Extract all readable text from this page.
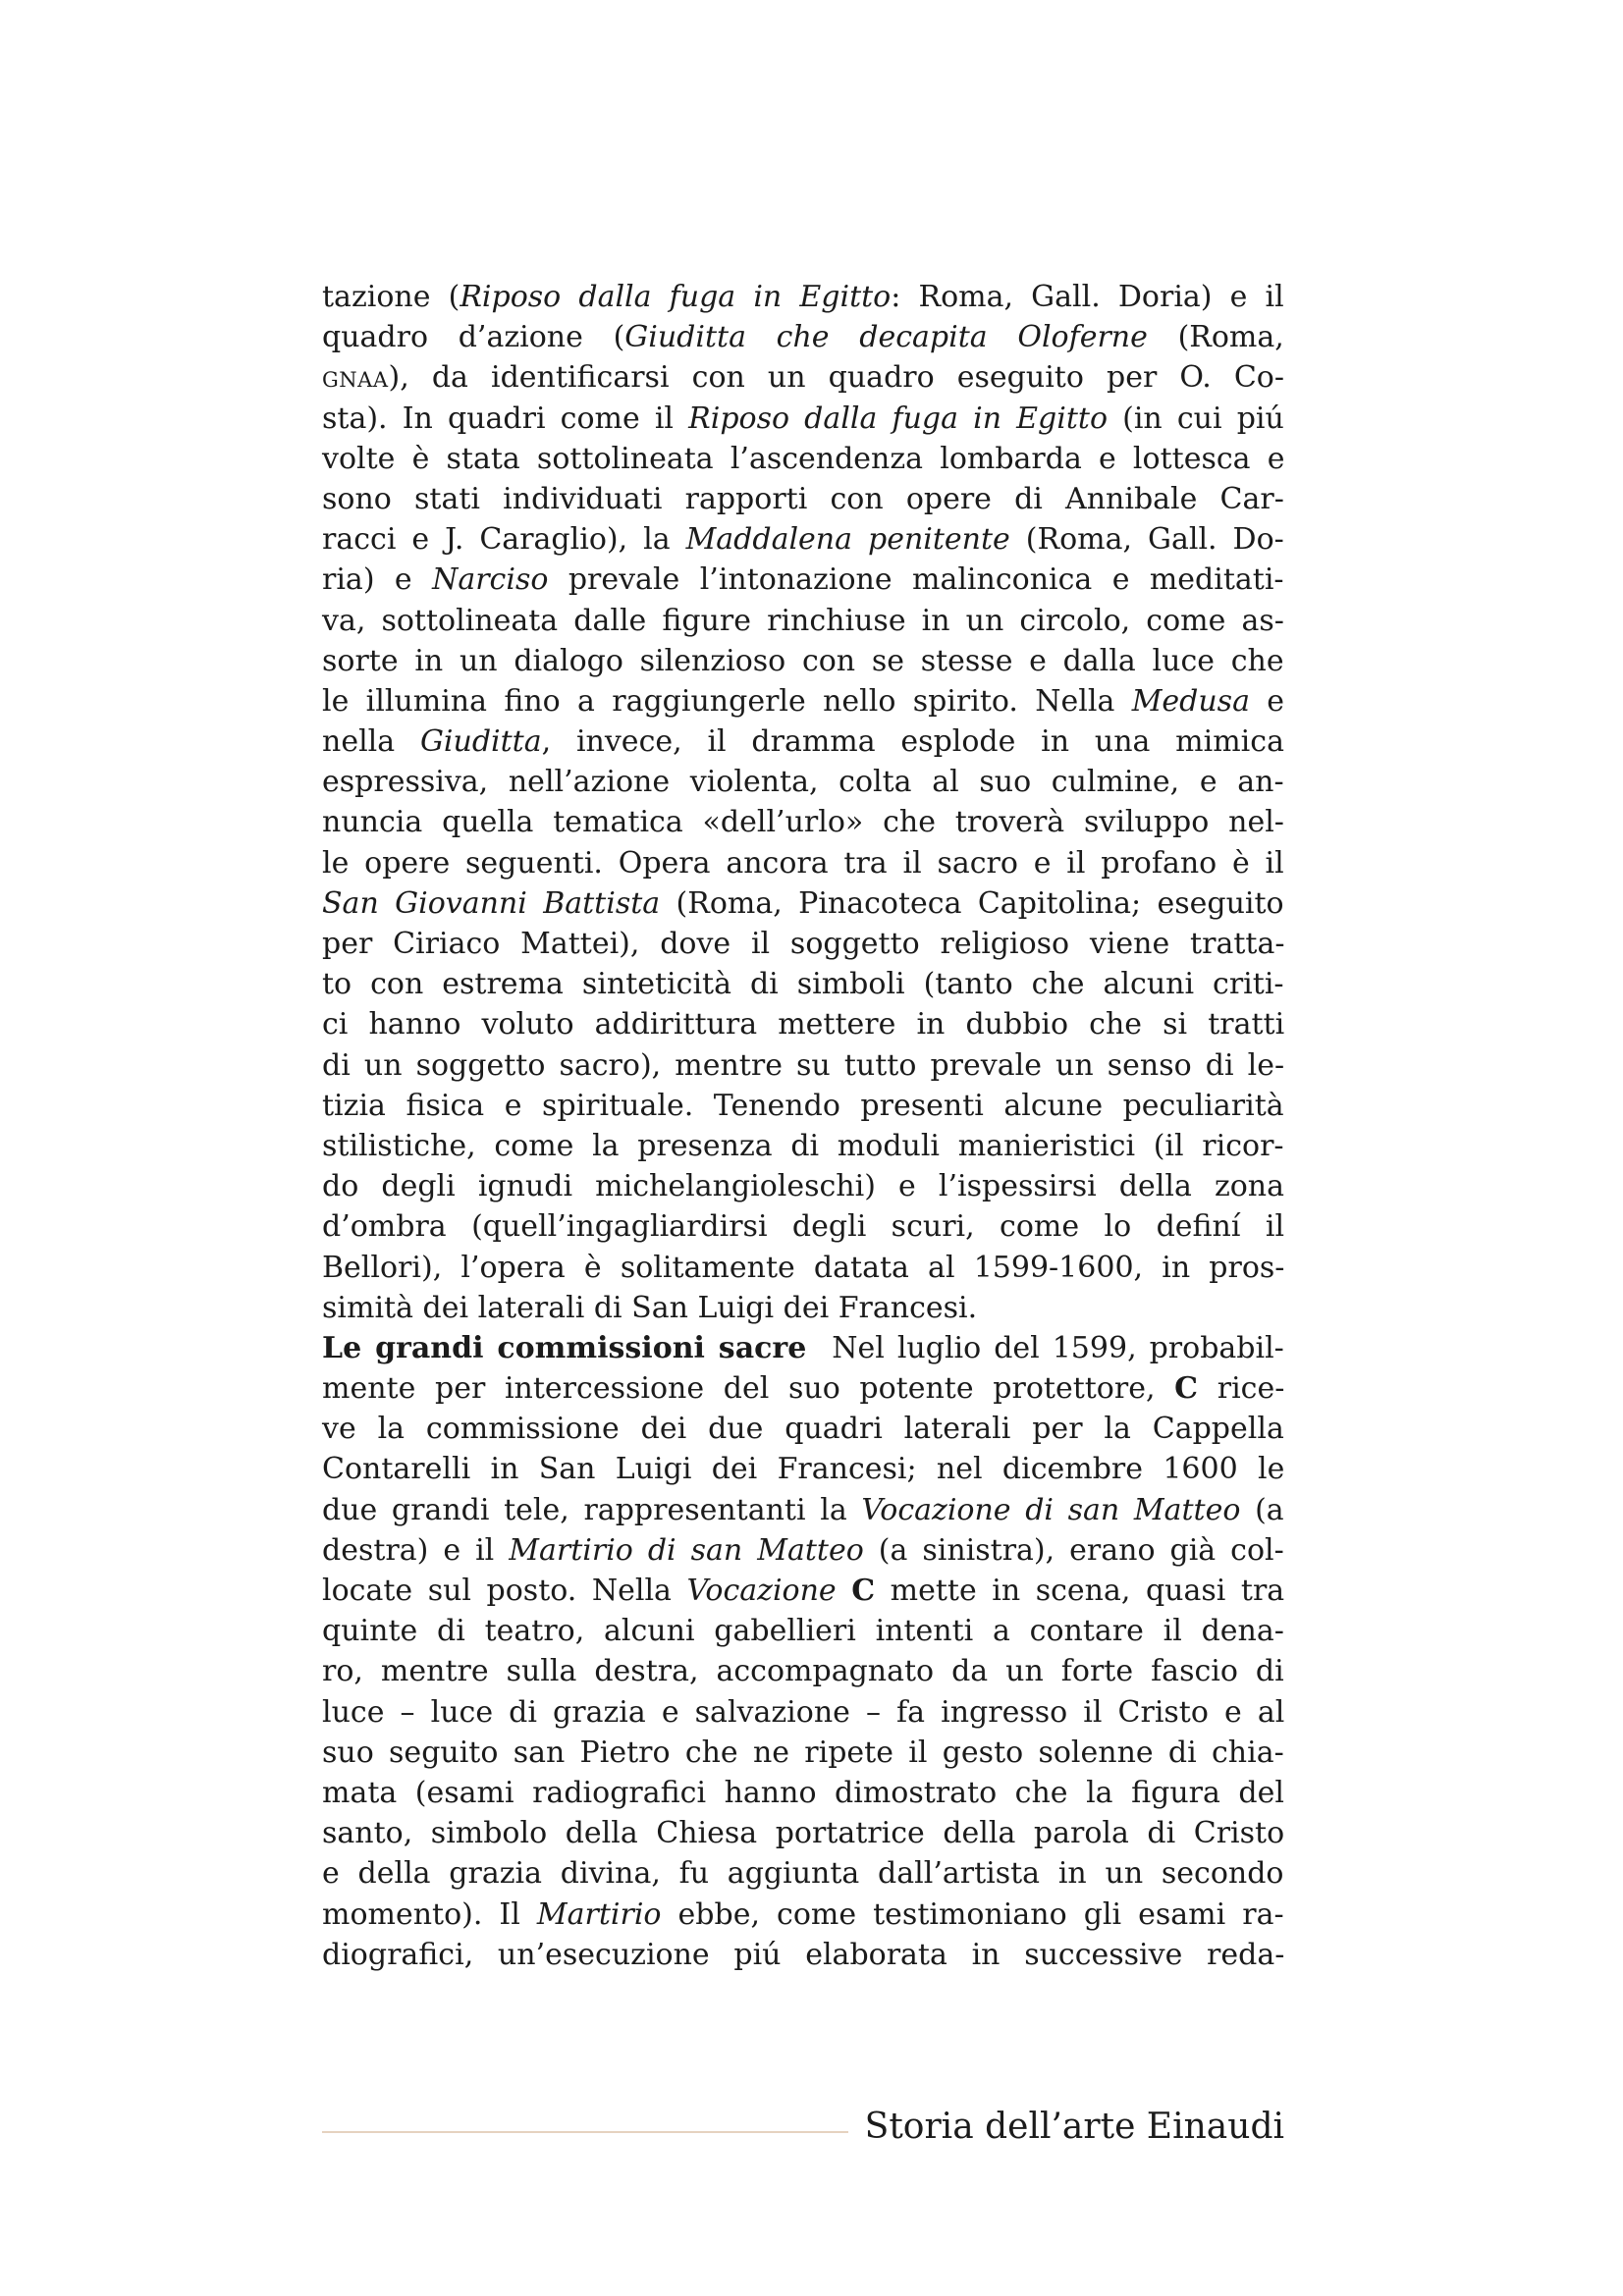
tazione (Riposo dalla fuga in Egitto: Roma, Gall. Doria) e il
quadro d’azione (Giuditta che decapita Oloferne (Roma,
gnaa), da identificarsi con un quadro eseguito per O. Co-
sta). In quadri come il Riposo dalla fuga in Egitto (in cui piú
volte è stata sottolineata l’ascendenza lombarda e lottesca e
sono stati individuati rapporti con opere di Annibale Car-
racci e J. Caraglio), la Maddalena penitente (Roma, Gall. Do-
ria) e Narciso prevale l’intonazione malinconica e meditati-
va, sottolineata dalle figure rinchiuse in un circolo, come as-
sorte in un dialogo silenzioso con se stesse e dalla luce che
le illumina fino a raggiungerle nello spirito. Nella Medusa e
nella Giuditta, invece, il dramma esplode in una mimica
espressiva, nell’azione violenta, colta al suo culmine, e an-
nuncia quella tematica «dell’urlo» che troverà sviluppo nel-
le opere seguenti. Opera ancora tra il sacro e il profano è il
San Giovanni Battista (Roma, Pinacoteca Capitolina; eseguito
per Ciriaco Mattei), dove il soggetto religioso viene tratta-
to con estrema sinteticità di simboli (tanto che alcuni criti-
ci hanno voluto addirittura mettere in dubbio che si tratti
di un soggetto sacro), mentre su tutto prevale un senso di le-
tizia fisica e spirituale. Tenendo presenti alcune peculiarità
stilistiche, come la presenza di moduli manieristici (il ricor-
do degli ignudi michelangioleschi) e l’ispessirsi della zona
d’ombra (quell’ingagliardirsi degli scuri, come lo definí il
Bellori), l’opera è solitamente datata al 1599-1600, in pros-
simità dei laterali di San Luigi dei Francesi.
Le grandi commissioni sacre  Nel luglio del 1599, probabil-
mente per intercessione del suo potente protettore, C rice-
ve la commissione dei due quadri laterali per la Cappella
Contarelli in San Luigi dei Francesi; nel dicembre 1600 le
due grandi tele, rappresentanti la Vocazione di san Matteo (a
destra) e il Martirio di san Matteo (a sinistra), erano già col-
locate sul posto. Nella Vocazione C mette in scena, quasi tra
quinte di teatro, alcuni gabellieri intenti a contare il dena-
ro, mentre sulla destra, accompagnato da un forte fascio di
luce – luce di grazia e salvazione – fa ingresso il Cristo e al
suo seguito san Pietro che ne ripete il gesto solenne di chia-
mata (esami radiografici hanno dimostrato che la figura del
santo, simbolo della Chiesa portatrice della parola di Cristo
e della grazia divina, fu aggiunta dall’artista in un secondo
momento). Il Martirio ebbe, come testimoniano gli esami ra-
diografici, un’esecuzione piú elaborata in successive reda-
Storia dell’arte Einaudi
